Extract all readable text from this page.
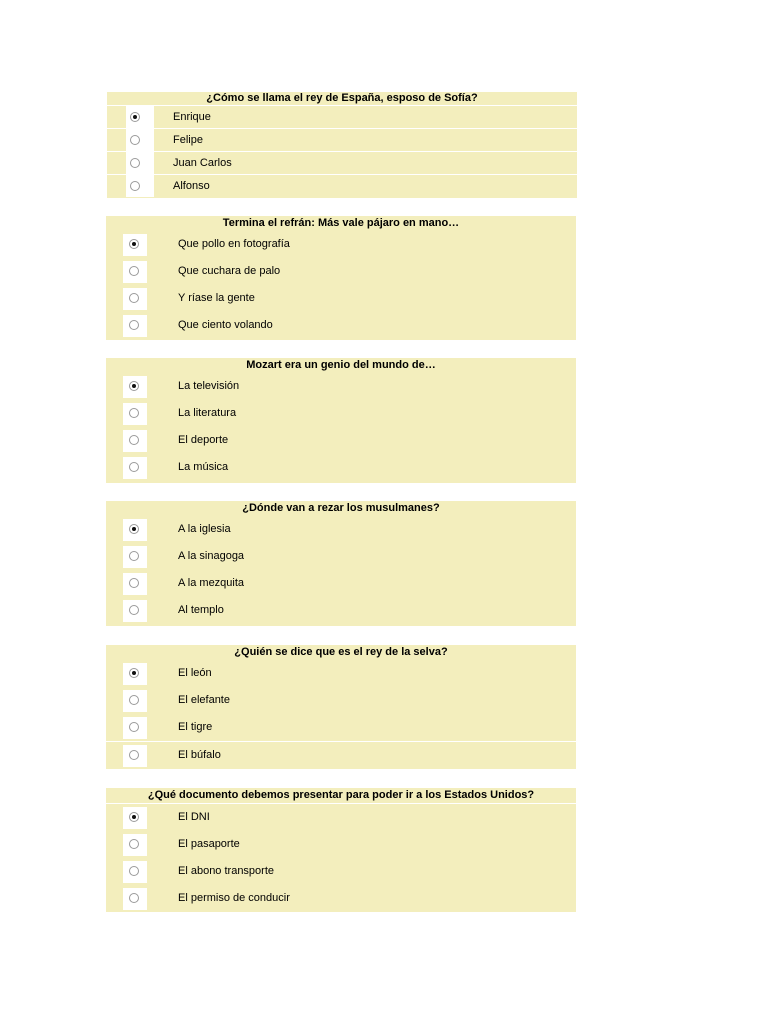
¿Cómo se llama el rey de España, esposo de Sofía?
Enrique
Felipe
Juan Carlos
Alfonso
Termina el refrán: Más vale pájaro en mano…
Que pollo en fotografía
Que cuchara de palo
Y ríase la gente
Que ciento volando
Mozart era un genio del mundo de…
La televisión
La literatura
El deporte
La música
¿Dónde van a rezar los musulmanes?
A la iglesia
A la sinagoga
A la mezquita
Al templo
¿Quién se dice que es el rey de la selva?
El león
El elefante
El tigre
El búfalo
¿Qué documento debemos presentar para poder ir a los Estados Unidos?
El DNI
El pasaporte
El abono transporte
El permiso de conducir
